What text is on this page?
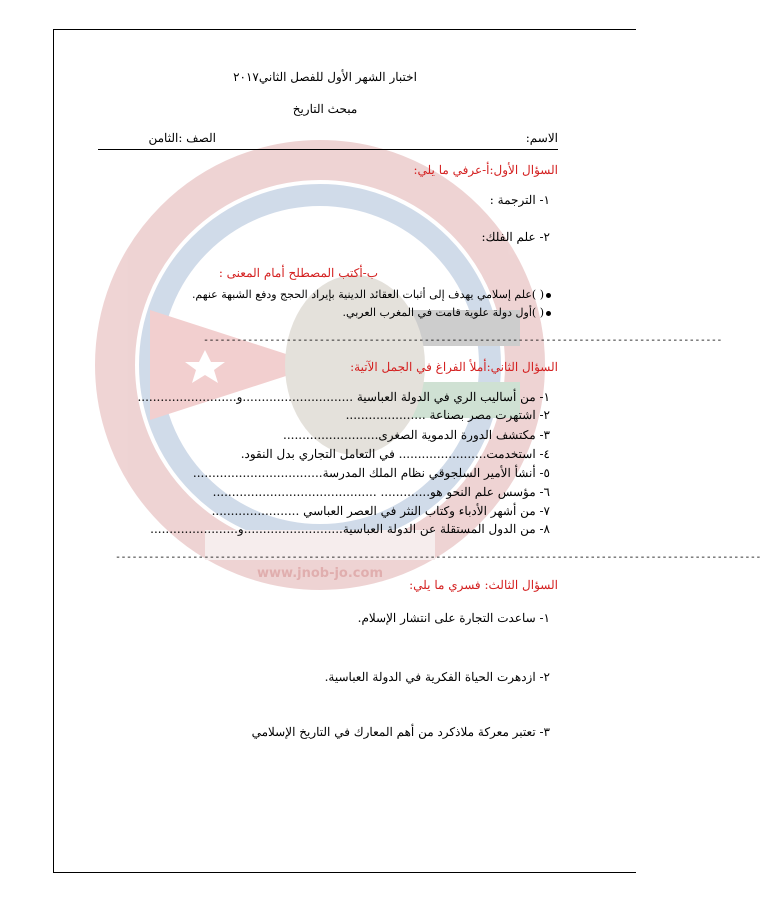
www.jnob-jo.com
اختبار الشهر الأول للفصل الثاني٢٠١٧
مبحث التاريخ
الاسم:
الصف :الثامن
السؤال الأول:أ-عرفي ما يلي:
١- الترجمة :
٢- علم الفلك:
ب-أكتب المصطلح أمام المعنى :
( )علم إسلامي يهدف إلى أثبات العقائد الدينية بإيراد الحجج ودفع الشبهة عنهم.
( )أول دولة علوية قامت في المغرب العربي.
----------------------------------------------------------------------------------------------
السؤال الثاني:أملأ الفراغ في الجمل الآتية:
١- من أساليب الري في الدولة العباسية .............................و..........................
٢- اشتهرت مصر بصناعة .....................
٣- مكتشف الدورة الدموية الصغرى.........................
٤- استخدمت....................... في التعامل التجاري بدل النقود.
٥- أنشأ الأمير السلجوقي نظام الملك المدرسة..................................
٦- مؤسس علم النحو هو............. ...........................................
٧- من أشهر الأدباء وكتاب النثر في العصر العباسي .......................
٨- من الدول المستقلة عن الدولة العباسية..........................و.......................
---------------------------------------------------------------------------------------------------------------------
السؤال الثالث: فسري ما يلي:
١- ساعدت التجارة على انتشار الإسلام.
٢- ازدهرت الحياة الفكرية في الدولة العباسية.
٣- تعتبر معركة ملاذكرد من أهم المعارك في التاريخ الإسلامي
